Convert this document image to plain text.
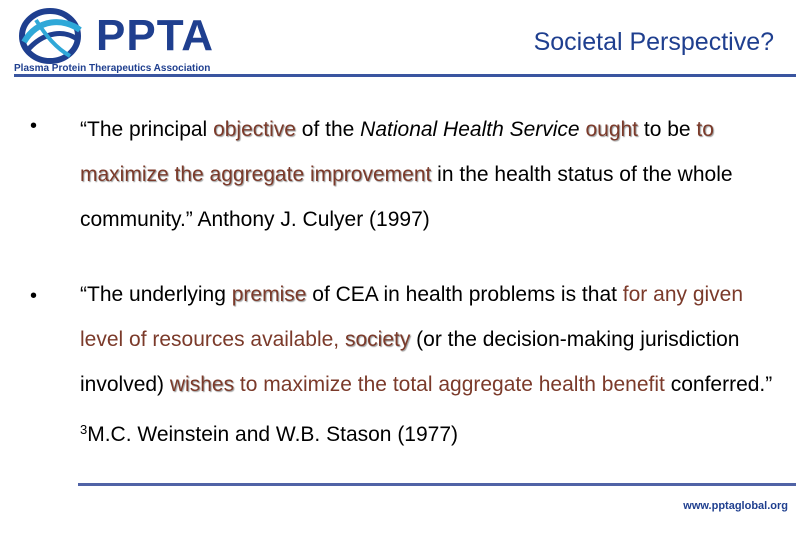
PPTA
Plasma Protein Therapeutics Association
Societal Perspective?
• “The principal objective of the National Health Service ought to be to maximize the aggregate improvement in the health status of the whole community.” Anthony J. Culyer (1997)
• “The underlying premise of CEA in health problems is that for any given level of resources available, society (or the decision-making jurisdiction involved) wishes to maximize the total aggregate health benefit conferred.” $^3$M.C. Weinstein and W.B. Stason (1977)
www.pptaglobal.org
